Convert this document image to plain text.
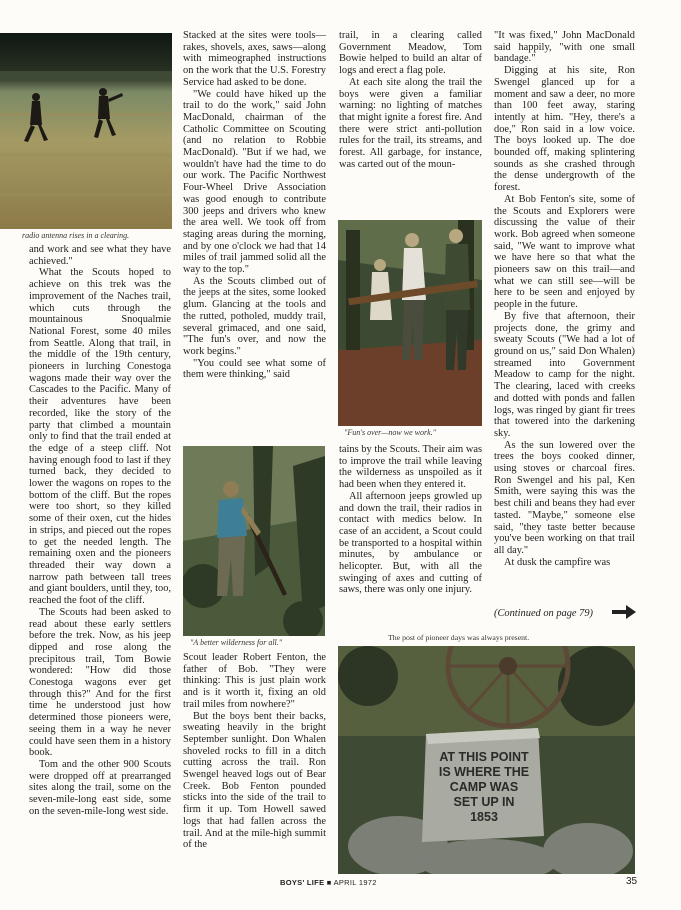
radio antenna rises in a clearing.

and work and see what they have achieved."

What the Scouts hoped to achieve on this trek was the improvement of the Naches trail, which cuts through the mountainous Snoqualmie National Forest, some 40 miles from Seattle. Along that trail, in the middle of the 19th century, pioneers in lurching Conestoga wagons made their way over the Cascades to the Pacific. Many of their adventures have been recorded, like the story of the party that climbed a mountain only to find that the trail ended at the edge of a steep cliff. Not having enough food to last if they turned back, they decided to lower the wagons on ropes to the bottom of the cliff. But the ropes were too short, so they killed some of their oxen, cut the hides in strips, and pieced out the ropes to get the needed length. The remaining oxen and the pioneers threaded their way down a narrow path between tall trees and giant boulders, until they, too, reached the foot of the cliff.

The Scouts had been asked to read about these early settlers before the trek. Now, as his jeep dipped and rose along the precipitous trail, Tom Bowie wondered: "How did those Conestoga wagons ever get through this?" And for the first time he understood just how determined those pioneers were, seeing them in a way he never could have seen them in a history book.

Tom and the other 900 Scouts were dropped off at prearranged sites along the trail, some on the seven-mile-long east side, some on the seven-mile-long west side.

Stacked at the sites were tools—rakes, shovels, axes, saws—along with mimeographed instructions on the work that the U.S. Forestry Service had asked to be done.

"We could have hiked up the trail to do the work," said John MacDonald, chairman of the Catholic Committee on Scouting (and no relation to Robbie MacDonald). "But if we had, we wouldn't have had the time to do our work. The Pacific Northwest Four-Wheel Drive Association was good enough to contribute 300 jeeps and drivers who knew the area well. We took off from staging areas during the morning, and by one o'clock we had that 14 miles of trail jammed solid all the way to the top."

As the Scouts climbed out of the jeeps at the sites, some looked glum. Glancing at the tools and the rutted, potholed, muddy trail, several grimaced, and one said, "The fun's over, and now the work begins."

"You could see what some of them were thinking," said

"A better wilderness for all."

Scout leader Robert Fenton, the father of Bob. "They were thinking: This is just plain work and is it worth it, fixing an old trail miles from nowhere?"

But the boys bent their backs, sweating heavily in the bright September sunlight. Don Whalen shoveled rocks to fill in a ditch cutting across the trail. Ron Swengel heaved logs out of Bear Creek. Bob Fenton pounded sticks into the side of the trail to firm it up. Tom Howell sawed logs that had fallen across the trail. And at the mile-high summit of the

trail, in a clearing called Government Meadow, Tom Bowie helped to build an altar of logs and erect a flag pole.

At each site along the trail the boys were given a familiar warning: no lighting of matches that might ignite a forest fire. And there were strict anti-pollution rules for the trail, its streams, and forest. All garbage, for instance, was carted out of the moun-

"Fun's over—now we work."

tains by the Scouts. Their aim was to improve the trail while leaving the wilderness as unspoiled as it had been when they entered it.

All afternoon jeeps growled up and down the trail, their radios in contact with medics below. In case of an accident, a Scout could be transported to a hospital within minutes, by ambulance or helicopter. But, with all the swinging of axes and cutting of saws, there was only one injury.

"It was fixed," John MacDonald said happily, "with one small bandage."

Digging at his site, Ron Swengel glanced up for a moment and saw a deer, no more than 100 feet away, staring intently at him. "Hey, there's a doe," Ron said in a low voice. The boys looked up. The doe bounded off, making splintering sounds as she crashed through the dense undergrowth of the forest.

At Bob Fenton's site, some of the Scouts and Explorers were discussing the value of their work. Bob agreed when someone said, "We want to improve what we have here so that what the pioneers saw on this trail—and what we can still see—will be here to be seen and enjoyed by people in the future.

By five that afternoon, their projects done, the grimy and sweaty Scouts ("We had a lot of ground on us," said Don Whalen) streamed into Government Meadow to camp for the night. The clearing, laced with creeks and dotted with ponds and fallen logs, was ringed by giant fir trees that towered into the darkening sky.

As the sun lowered over the trees the boys cooked dinner, using stoves or charcoal fires. Ron Swengel and his pal, Ken Smith, were saying this was the best chili and beans they had ever tasted. "Maybe," someone else said, "they taste better because you've been working on that trail all day."

At dusk the campfire was

(Continued on page 79)
The post of pioneer days was always present.
AT THIS POINT
IS WHERE THE
CAMP WAS
SET UP IN
1853
BOYS' LIFE ■ APRIL 1972	35
